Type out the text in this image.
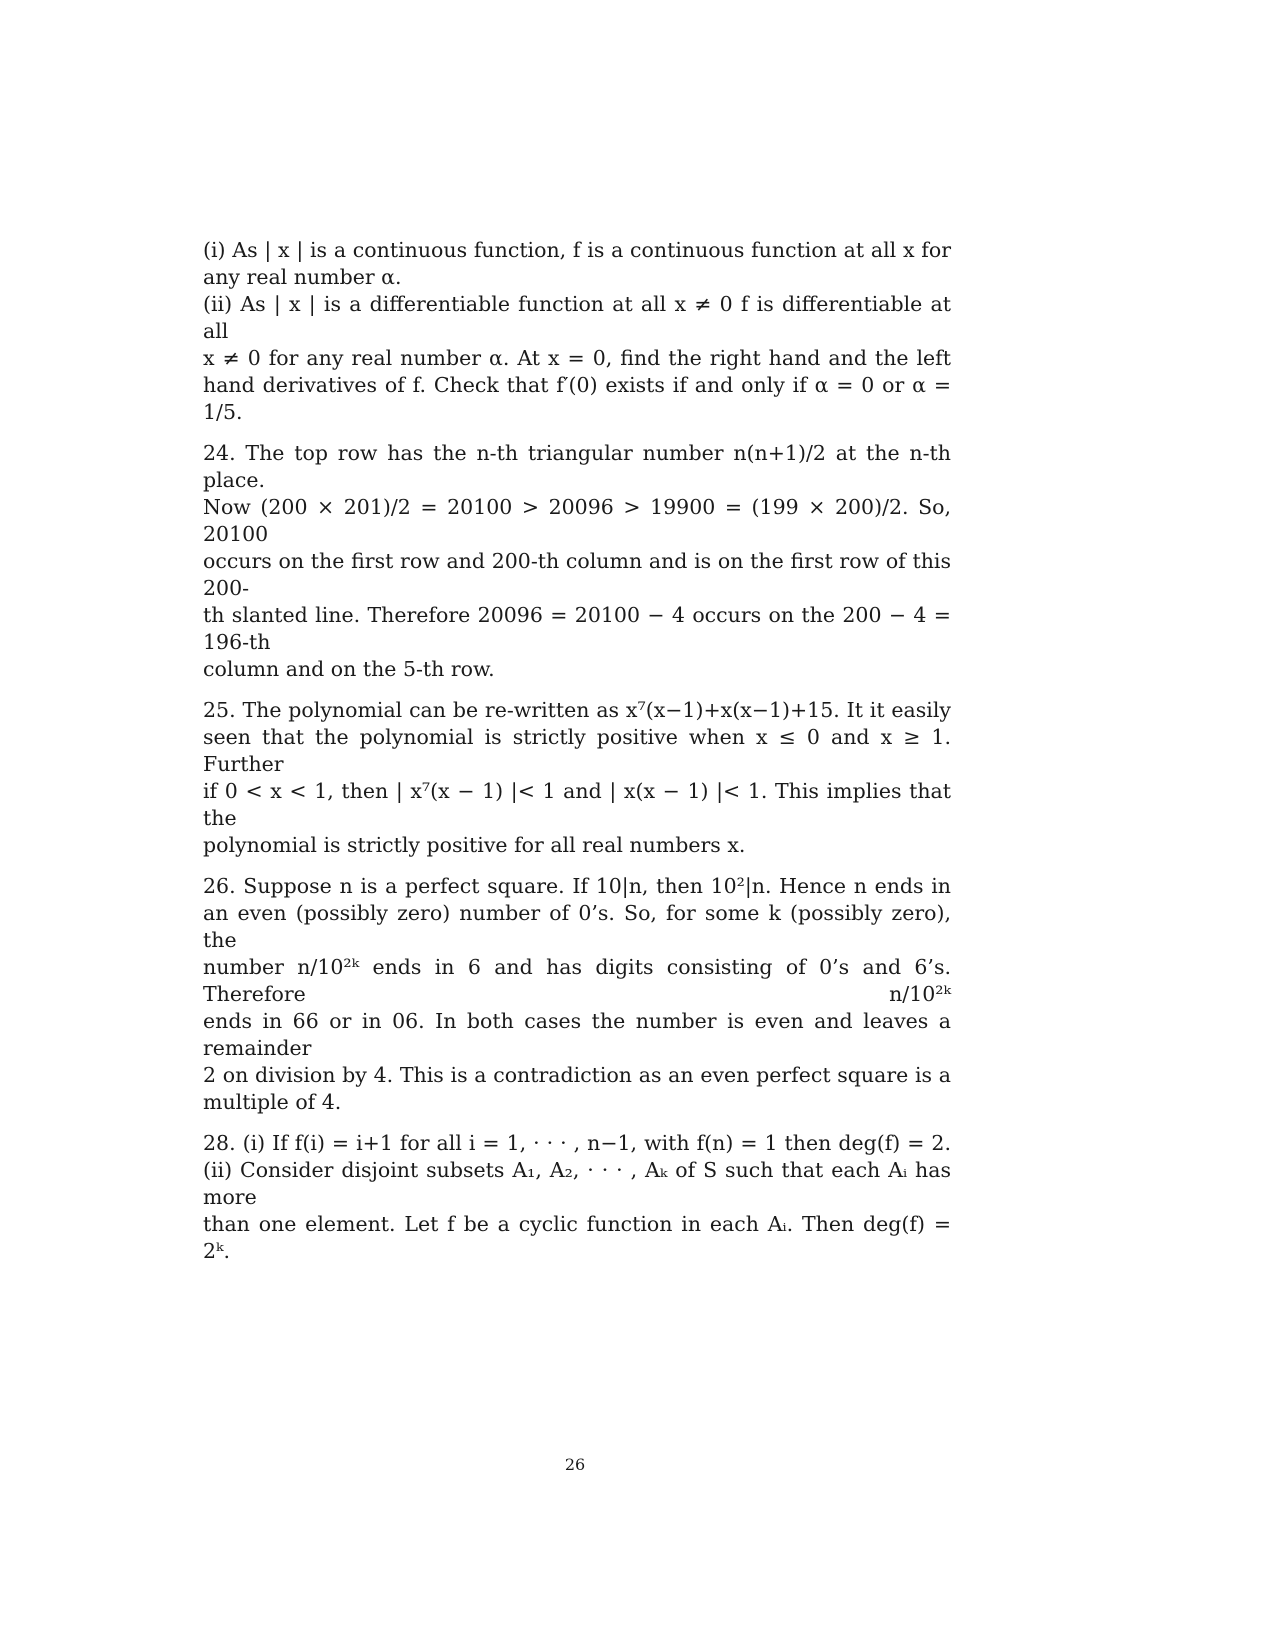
(i) As | x | is a continuous function, f is a continuous function at all x for
any real number α.
(ii) As | x | is a differentiable function at all x ≠ 0 f is differentiable at all
x ≠ 0 for any real number α. At x = 0, find the right hand and the left
hand derivatives of f. Check that f′(0) exists if and only if α = 0 or α = 1/5.
24. The top row has the n-th triangular number n(n+1)/2 at the n-th place.
Now (200 × 201)/2 = 20100 > 20096 > 19900 = (199 × 200)/2. So, 20100
occurs on the first row and 200-th column and is on the first row of this 200-
th slanted line. Therefore 20096 = 20100 − 4 occurs on the 200 − 4 = 196-th
column and on the 5-th row.
25. The polynomial can be re-written as x⁷(x−1)+x(x−1)+15. It it easily
seen that the polynomial is strictly positive when x ≤ 0 and x ≥ 1. Further
if 0 < x < 1, then | x⁷(x − 1) |< 1 and | x(x − 1) |< 1. This implies that the
polynomial is strictly positive for all real numbers x.
26. Suppose n is a perfect square. If 10|n, then 10²|n. Hence n ends in
an even (possibly zero) number of 0’s. So, for some k (possibly zero), the
number n/10²ᵏ ends in 6 and has digits consisting of 0’s and 6’s. Therefore n/10²ᵏ
ends in 66 or in 06. In both cases the number is even and leaves a remainder
2 on division by 4. This is a contradiction as an even perfect square is a
multiple of 4.
28. (i) If f(i) = i+1 for all i = 1, · · · , n−1, with f(n) = 1 then deg(f) = 2.
(ii) Consider disjoint subsets A₁, A₂, · · · , Aₖ of S such that each Aᵢ has more
than one element. Let f be a cyclic function in each Aᵢ. Then deg(f) = 2ᵏ.
26
